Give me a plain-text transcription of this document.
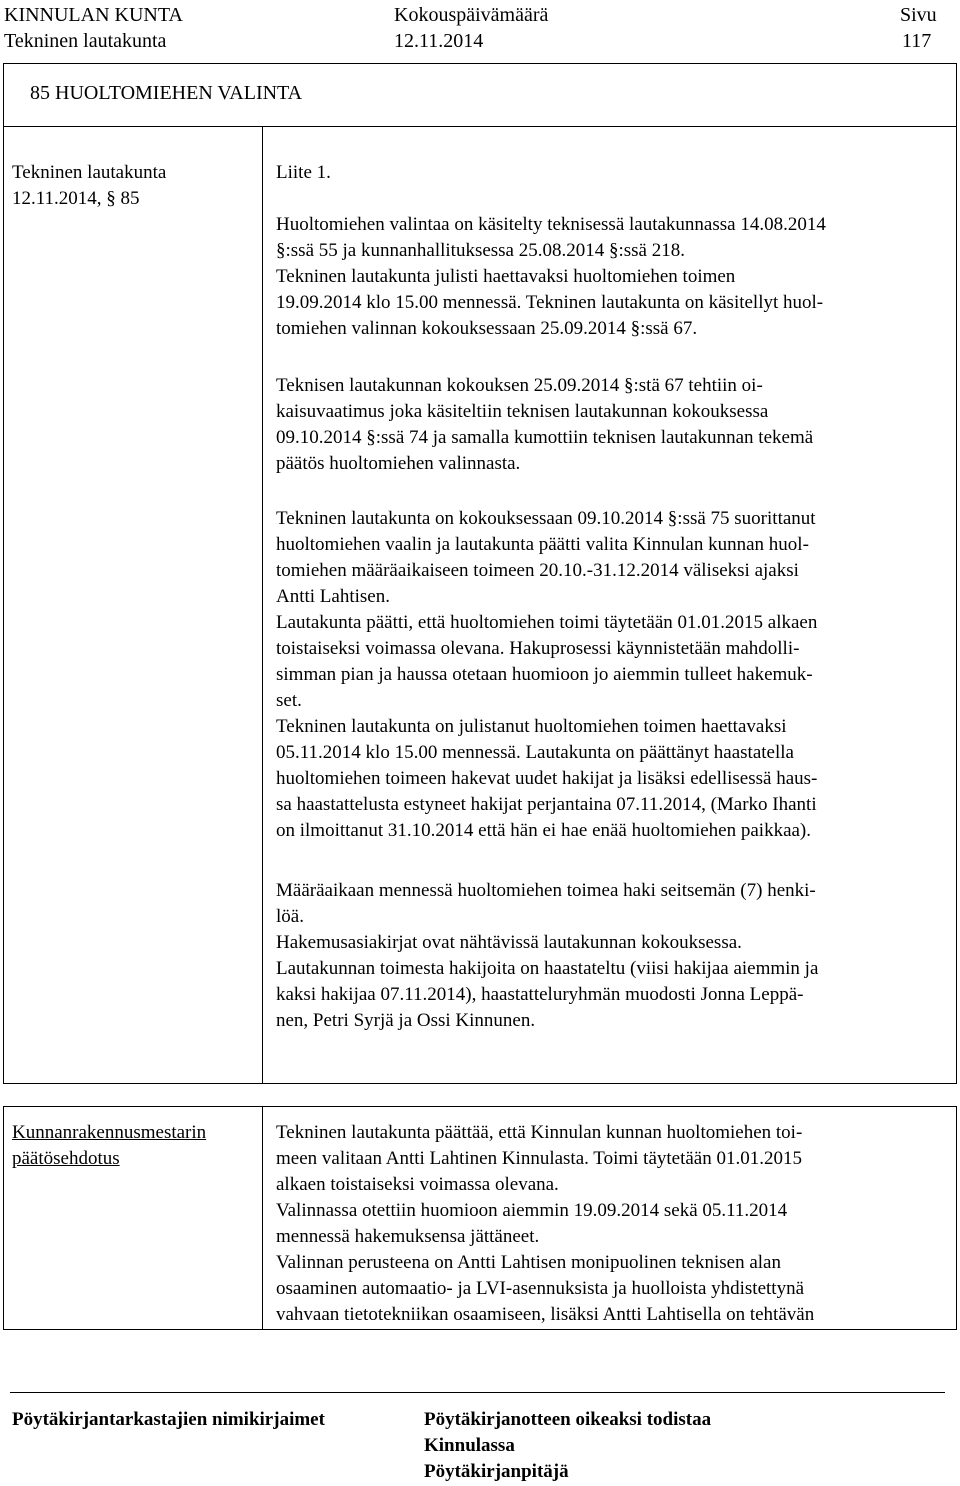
KINNULAN KUNTA
Tekninen lautakunta
Kokouspäivämäärä
12.11.2014
Sivu
117
85 HUOLTOMIEHEN VALINTA
Tekninen lautakunta
12.11.2014, § 85
Liite 1.
Huoltomiehen valintaa on käsitelty teknisessä lautakunnassa 14.08.2014
§:ssä 55 ja kunnanhallituksessa 25.08.2014 §:ssä 218.
Tekninen lautakunta julisti haettavaksi huoltomiehen toimen
19.09.2014 klo 15.00 mennessä. Tekninen lautakunta on käsitellyt huol-
tomiehen valinnan kokouksessaan 25.09.2014 §:ssä 67.
Teknisen lautakunnan kokouksen 25.09.2014 §:stä 67 tehtiin oi-
kaisuvaatimus joka käsiteltiin teknisen lautakunnan kokouksessa
09.10.2014 §:ssä 74 ja samalla kumottiin teknisen lautakunnan tekemä
päätös huoltomiehen valinnasta.
Tekninen lautakunta on kokouksessaan 09.10.2014 §:ssä 75 suorittanut
huoltomiehen vaalin ja lautakunta päätti valita Kinnulan kunnan huol-
tomiehen määräaikaiseen toimeen 20.10.-31.12.2014 väliseksi ajaksi
Antti Lahtisen.
Lautakunta päätti, että huoltomiehen toimi täytetään 01.01.2015 alkaen
toistaiseksi voimassa olevana. Hakuprosessi käynnistetään mahdolli-
simman pian ja haussa otetaan huomioon jo aiemmin tulleet hakemuk-
set.
Tekninen lautakunta on julistanut huoltomiehen toimen haettavaksi
05.11.2014 klo 15.00 mennessä. Lautakunta on päättänyt haastatella
huoltomiehen toimeen hakevat uudet hakijat ja lisäksi edellisessä haus-
sa haastattelusta estyneet hakijat perjantaina 07.11.2014, (Marko Ihanti
on ilmoittanut 31.10.2014 että hän ei hae enää huoltomiehen paikkaa).
Määräaikaan mennessä huoltomiehen toimea haki seitsemän (7) henki-
löä.
Hakemusasiakirjat ovat nähtävissä lautakunnan kokouksessa.
Lautakunnan toimesta hakijoita on haastateltu (viisi hakijaa aiemmin ja
kaksi hakijaa 07.11.2014), haastatteluryhmän muodosti Jonna Leppä-
nen, Petri Syrjä ja Ossi Kinnunen.
Kunnanrakennusmestarin
päätösehdotus
Tekninen lautakunta päättää, että Kinnulan kunnan huoltomiehen toi-
meen valitaan Antti Lahtinen Kinnulasta. Toimi täytetään 01.01.2015
alkaen toistaiseksi voimassa olevana.
Valinnassa otettiin huomioon aiemmin 19.09.2014 sekä 05.11.2014
mennessä hakemuksensa jättäneet.
Valinnan perusteena on Antti Lahtisen monipuolinen teknisen alan
osaaminen automaatio- ja LVI-asennuksista ja huolloista yhdistettynä
vahvaan tietotekniikan osaamiseen, lisäksi Antti Lahtisella on tehtävän
Pöytäkirjantarkastajien nimikirjaimet	Pöytäkirjanotteen oikeaksi todistaa
Kinnulassa
Pöytäkirjanpitäjä
